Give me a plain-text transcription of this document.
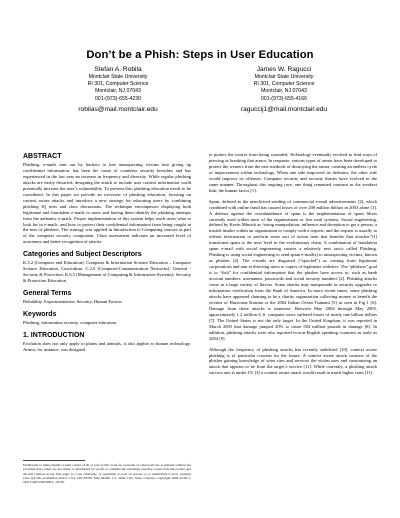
Don’t be a Phish: Steps in User Education
Stefan A. Robila
Montclair State University
RI 301, Computer Science
Montclair, NJ 07043
001-(973)-655-4230
robilas@mail.montclair.edu
James W. Ragucci
Montclair State University
RI 301, Computer Science
Montclair, NJ 07043
001-(973)-655-4166
raguccij1@mail.montclair.edu
ABSTRACT

Phishing, e-mails sent out by hackers to lure unsuspecting victims into giving up confidential information, has been the cause of countless security breaches and has experienced in the last year an increase in frequency and diversity. While regular phishing attacks are easily thwarted, designing the attack to include user context information could potentially increase the user’s vulnerability. To prevent this, phishing education needs to be considered. In this paper we provide an overview of phishing education, focusing on context aware attacks and introduce a new strategy for educating users by combining phishing IQ tests and class discussions. The technique encompasses displaying both legitimate and fraudulent e-mails to users and having them identify the phishing attempts from the authentic e-mails. Proper implementation of this system helps teach users what to look for in e-mails, and how to protect their confidential information from being caught in the nets of phishers. The strategy was applied in Introduction to Computing courses as part of the computer security component. Class assessment indicates an increased level of awareness and better recognition of attacks.

Categories and Subject Descriptors

K.3.2 [Computer and Education]: Computer & Information Science Education – Computer Science Education, Curriculum. C.2.0 [Computer-Communication Networks]: General - Security & Protection, K.6.5 [Management of Computing & Information Systems]: Security & Protection Education

General Terms

Reliability, Experimentation, Security, Human Factors

Keywords

Phishing, information security, computer education

1. INTRODUCTION

Evolution does not only apply to plants and animals, it also applies to human technology. Armor, for instance, was designed

Permission to make digital or hard copies of all or part of this work for personal or classroom use is granted without fee provided that copies are not made or distributed for profit or commercial advantage and that copies bear this notice and the full citation on the first page. To copy otherwise, or republish, to post on servers or to redistribute to lists, requires prior specific permission and/or a fee. ITiCSE'06, June Month 1–2, 2004, City, State, Country. Copyright 2006 ACM 1-58113-000-0/00/0004…$5.00.

to protect the wearer from being wounded. Technology eventually evolved to find ways of piercing or breaking that armor. In response, various types of armor have been developed to protect the wearers from the new methods of destroying the armor, creating an endless cycle of improvement within technology. When one side improved its defenses, the other side would improve its offenses. Computer security and security threats have evolved in the same manner. Throughout this ongoing race, one thing remained constant as the weakest link; the human factor [1].

Spam, defined as the unsolicited sending of commercial e-mail advertisements [2], which combined with online fraud has caused losses of over 200 million dollars in 2003 alone [3]. A defense against the overabundance of spam is the implementation of spam filters currently used within most of the organizations or free mail systems. Social engineering, defined by Kevin Mitnick as “using manipulation, influence and deception to get a person, a trusted insider within an organization to comply with a request, and the request is usually to release information or perform some sort of action item that benefits that attacker”[1] transforms spam to the next level in the evolutionary chain. A combination of fraudulent spam e-mail with social engineering creates a relatively new tactic called Phishing. Phishing is using social engineering to send spam e-mail(s) to unsuspecting victims, known as phishes [4]. The e-mails are disguised (“spoofed”) as coming from legitimate corporations and aim at directing users to copies of legitimate websites. The “phishers” goal is to “fish” for confidential information that the phishes have access to, such as bank account numbers, usernames, passwords and social security numbers [2]. Phishing attacks come in a large variety of flavors. Some attacks may masquerade as security upgrades or information verification from the Bank of America. In more recent times, some phishing attacks have appeared claiming to be a charity organization collecting money to benefit the victims of Hurricane Katrina or the 2004 Indian Ocean Tsunami [5] as seen in Fig 1 [6]. Damage from these attacks is immense. Between May 2004 through May 2005, approximately 1.2 million U.S. computer users suffered losses of nearly one billion dollars [7]. The United States is not the only target. In the United Kingdom, it was reported in March 2005 that damage jumped 20% to cause 504 million pounds in damage [8]. In addition, phishing attacks were also reported in non-English speaking countries as early as 2004 [9].

Although the frequency of phishing attacks has recently stabilized [10], context aware phishing is of particular concern for the future. A context aware attack consists of the phisher gaining knowledge of what sites and services the victim uses and customizing an attack that appears to be from the target’s service [11]. While currently, a phishing attack success rate is under 1% [3] a context aware attack would result in much higher rates [11].
